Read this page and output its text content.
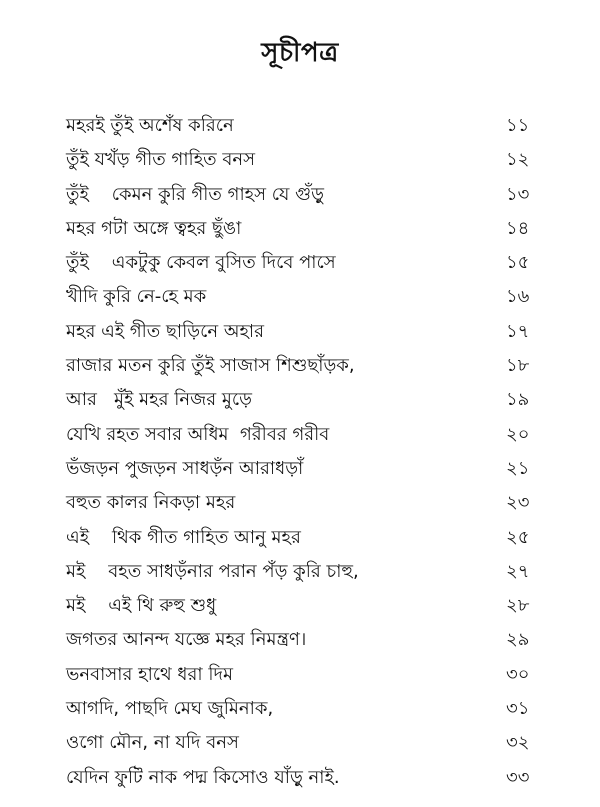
সূচীপত্র
মহরই তুঁই অশেঁষ করিনে	১১
তুঁই যখঁড় গীত গাহিত বনস	১২
তুঁই    কেমন কুরি গীত গাহস যে গুঁড়ু	১৩
মহর গটা অঙ্গে ত্বহর ছুঁঙা	১৪
তুঁই    একটুকু কেবল বুসিত দিবে পাসে	১৫
খীদি কুরি নে-হে মক	১৬
মহর এই গীত ছাড়িনে অহার	১৭
রাজার মতন কুরি তুঁই সাজাস শিশুছাঁড়ক,	১৮
আর   মুঁই মহর নিজর মুড়ে	১৯
যেখি রহত সবার অধিম  গরীবর গরীব	২০
ভঁজড়ন পুজড়ন সাধড়ঁন আরাধড়াঁ	২১
বহুত কালর নিকড়া মহর	২৩
এই    থিক গীত গাহিত আনু মহর	২৫
মই    বহত সাধড়ঁনার পরান পঁড় কুরি চাহু,	২৭
মই    এই থি রুহু শুধু	২৮
জগতর আনন্দ যজ্ঞে মহর নিমন্ত্রণ।	২৯
ভনবাসার হাথে ধরা দিম	৩০
আগদি, পাছদি মেঘ জুমিনাক,	৩১
ওগো মৌন, না যদি বনস	৩২
যেদিন ফুটি নাক পদ্ম কিসোও যাঁড়ু নাই.	৩৩
